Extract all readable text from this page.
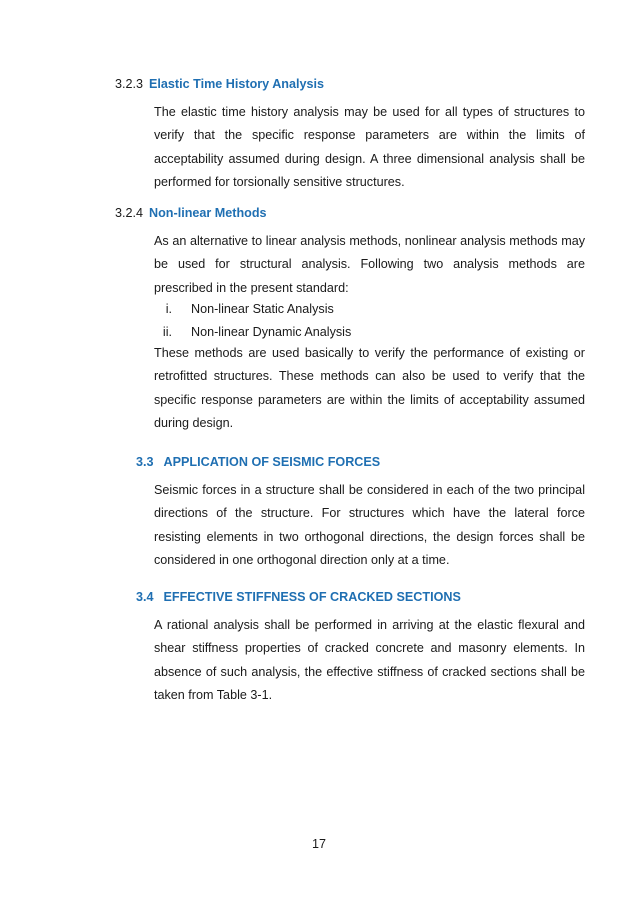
3.2.3 Elastic Time History Analysis

The elastic time history analysis may be used for all types of structures to verify that the specific response parameters are within the limits of acceptability assumed during design. A three dimensional analysis shall be performed for torsionally sensitive structures.

3.2.4 Non-linear Methods

As an alternative to linear analysis methods, nonlinear analysis methods may be used for structural analysis. Following two analysis methods are prescribed in the present standard:

i. Non-linear Static Analysis
ii. Non-linear Dynamic Analysis

These methods are used basically to verify the performance of existing or retrofitted structures. These methods can also be used to verify that the specific response parameters are within the limits of acceptability assumed during design.

3.3 APPLICATION OF SEISMIC FORCES

Seismic forces in a structure shall be considered in each of the two principal directions of the structure. For structures which have the lateral force resisting elements in two orthogonal directions, the design forces shall be considered in one orthogonal direction only at a time.

3.4 EFFECTIVE STIFFNESS OF CRACKED SECTIONS

A rational analysis shall be performed in arriving at the elastic flexural and shear stiffness properties of cracked concrete and masonry elements. In absence of such analysis, the effective stiffness of cracked sections shall be taken from Table 3-1.

17
